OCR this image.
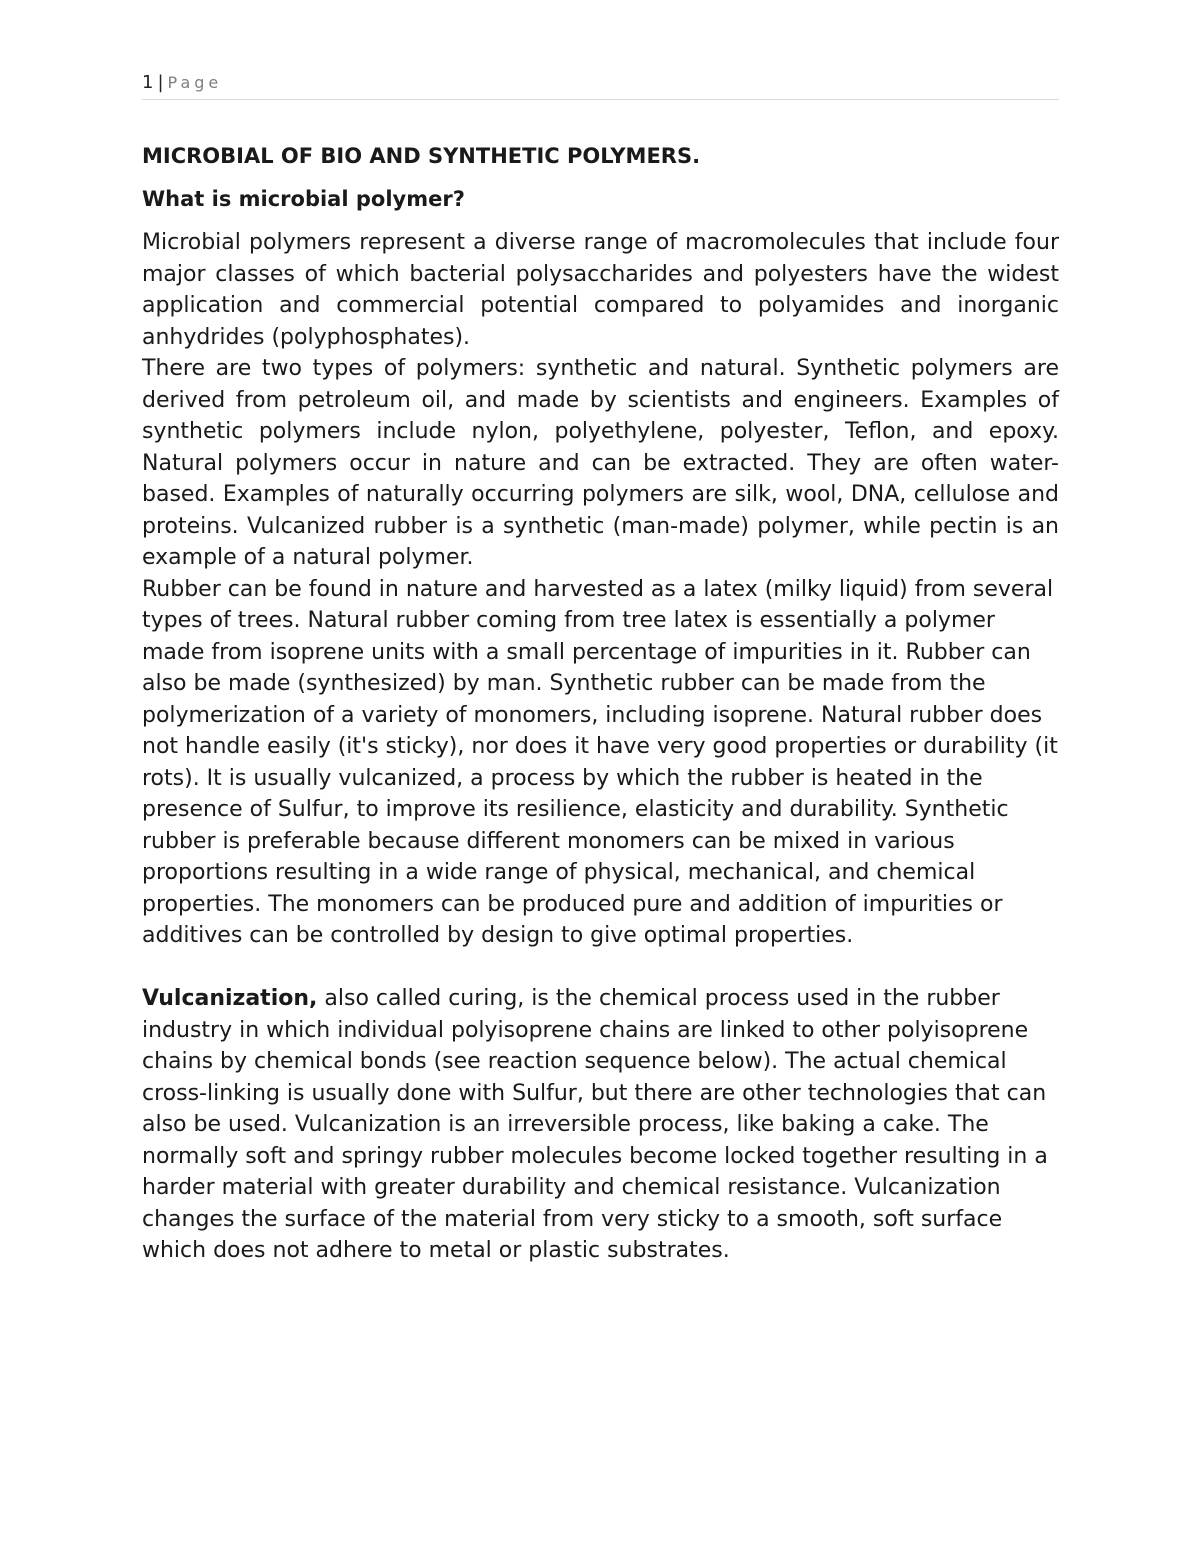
1 | Page
MICROBIAL OF BIO AND SYNTHETIC POLYMERS.
What is microbial polymer?

Microbial polymers represent a diverse range of macromolecules that include four major classes of which bacterial polysaccharides and polyesters have the widest application and commercial potential compared to polyamides and inorganic anhydrides (polyphosphates).

There are two types of polymers: synthetic and natural. Synthetic polymers are derived from petroleum oil, and made by scientists and engineers. Examples of synthetic polymers include nylon, polyethylene, polyester, Teflon, and epoxy. Natural polymers occur in nature and can be extracted. They are often water-based. Examples of naturally occurring polymers are silk, wool, DNA, cellulose and proteins. Vulcanized rubber is a synthetic (man-made) polymer, while pectin is an example of a natural polymer.

Rubber can be found in nature and harvested as a latex (milky liquid) from several types of trees. Natural rubber coming from tree latex is essentially a polymer made from isoprene units with a small percentage of impurities in it. Rubber can also be made (synthesized) by man. Synthetic rubber can be made from the polymerization of a variety of monomers, including isoprene. Natural rubber does not handle easily (it's sticky), nor does it have very good properties or durability (it rots). It is usually vulcanized, a process by which the rubber is heated in the presence of Sulfur, to improve its resilience, elasticity and durability. Synthetic rubber is preferable because different monomers can be mixed in various proportions resulting in a wide range of physical, mechanical, and chemical properties. The monomers can be produced pure and addition of impurities or additives can be controlled by design to give optimal properties.

Vulcanization, also called curing, is the chemical process used in the rubber industry in which individual polyisoprene chains are linked to other polyisoprene chains by chemical bonds (see reaction sequence below). The actual chemical cross-linking is usually done with Sulfur, but there are other technologies that can also be used. Vulcanization is an irreversible process, like baking a cake. The normally soft and springy rubber molecules become locked together resulting in a harder material with greater durability and chemical resistance. Vulcanization changes the surface of the material from very sticky to a smooth, soft surface which does not adhere to metal or plastic substrates.
